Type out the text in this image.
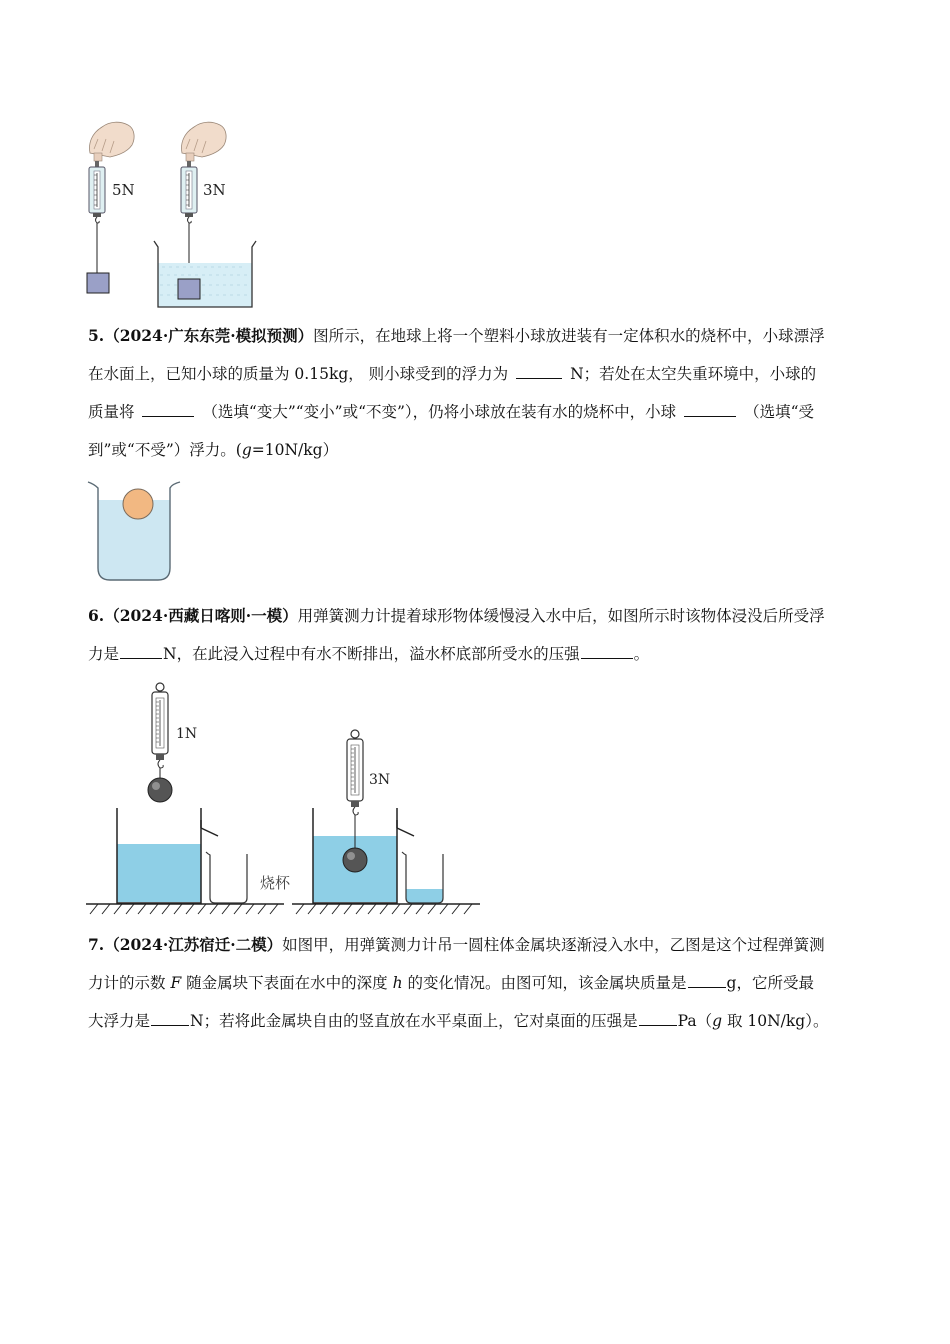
5N	3N
5.（2024·广东东莞·模拟预测）图所示，在地球上将一个塑料小球放进装有一定体积水的烧杯中，小球漂浮
在水面上，已知小球的质量为 0.15kg， 则小球受到的浮力为	N；若处在太空失重环境中，小球的
质量将	（选填“变大”“变小”或“不变”），仍将小球放在装有水的烧杯中，小球	（选填“受
到”或“不受”）浮力。(g=10N/kg）
6.（2024·西藏日喀则·一模）用弹簧测力计提着球形物体缓慢浸入水中后，如图所示时该物体浸没后所受浮
力是	N，在此浸入过程中有水不断排出，溢水杯底部所受水的压强	。
1N
烧杯
3N
7.（2024·江苏宿迁·二模）如图甲，用弹簧测力计吊一圆柱体金属块逐渐浸入水中，乙图是这个过程弹簧测
力计的示数 F 随金属块下表面在水中的深度 h 的变化情况。由图可知，该金属块质量是	g，它所受最
大浮力是	N；若将此金属块自由的竖直放在水平桌面上，它对桌面的压强是	Pa（g 取 10N/kg）。
